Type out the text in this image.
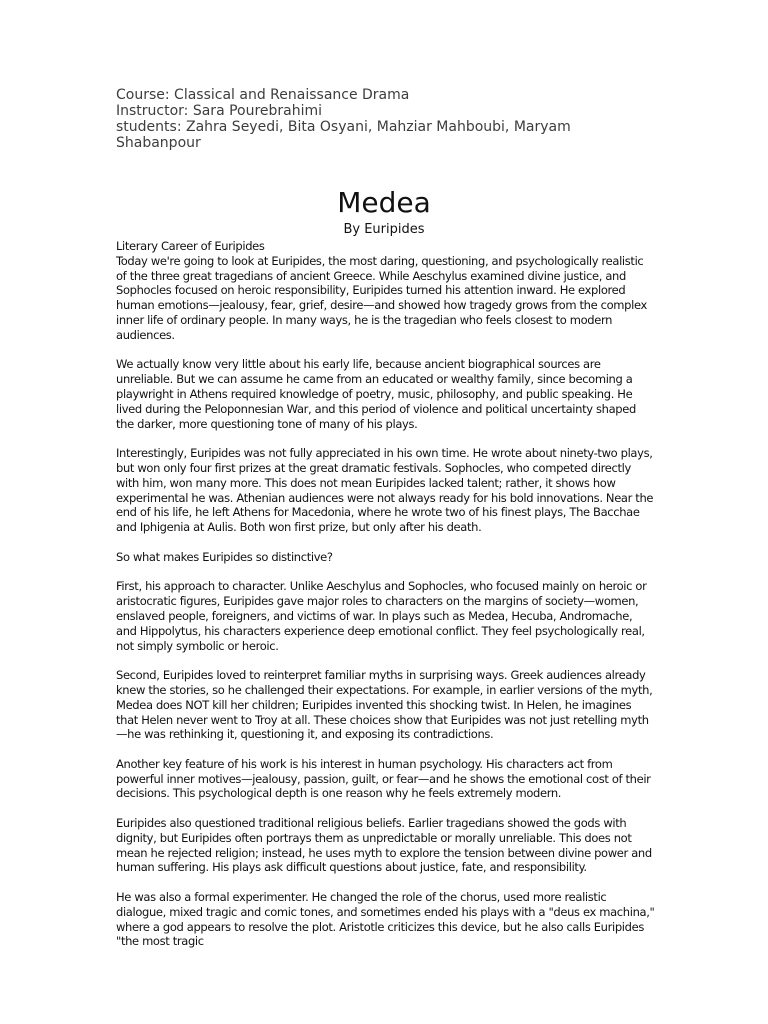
Course: Classical and Renaissance Drama
Instructor: Sara Pourebrahimi
students: Zahra Seyedi, Bita Osyani, Mahziar Mahboubi, Maryam Shabanpour
Medea
By Euripides

Literary Career of Euripides

Today we're going to look at Euripides, the most daring, questioning, and psychologically realistic of the three great tragedians of ancient Greece. While Aeschylus examined divine justice, and Sophocles focused on heroic responsibility, Euripides turned his attention inward. He explored human emotions—jealousy, fear, grief, desire—and showed how tragedy grows from the complex inner life of ordinary people. In many ways, he is the tragedian who feels closest to modern audiences.

We actually know very little about his early life, because ancient biographical sources are unreliable. But we can assume he came from an educated or wealthy family, since becoming a playwright in Athens required knowledge of poetry, music, philosophy, and public speaking. He lived during the Peloponnesian War, and this period of violence and political uncertainty shaped the darker, more questioning tone of many of his plays.

Interestingly, Euripides was not fully appreciated in his own time. He wrote about ninety-two plays, but won only four first prizes at the great dramatic festivals. Sophocles, who competed directly with him, won many more. This does not mean Euripides lacked talent; rather, it shows how experimental he was. Athenian audiences were not always ready for his bold innovations. Near the end of his life, he left Athens for Macedonia, where he wrote two of his finest plays, The Bacchae and Iphigenia at Aulis. Both won first prize, but only after his death.

So what makes Euripides so distinctive?

First, his approach to character. Unlike Aeschylus and Sophocles, who focused mainly on heroic or aristocratic figures, Euripides gave major roles to characters on the margins of society—women, enslaved people, foreigners, and victims of war. In plays such as Medea, Hecuba, Andromache, and Hippolytus, his characters experience deep emotional conflict. They feel psychologically real, not simply symbolic or heroic.

Second, Euripides loved to reinterpret familiar myths in surprising ways. Greek audiences already knew the stories, so he challenged their expectations. For example, in earlier versions of the myth, Medea does NOT kill her children; Euripides invented this shocking twist. In Helen, he imagines that Helen never went to Troy at all. These choices show that Euripides was not just retelling myth—he was rethinking it, questioning it, and exposing its contradictions.

Another key feature of his work is his interest in human psychology. His characters act from powerful inner motives—jealousy, passion, guilt, or fear—and he shows the emotional cost of their decisions. This psychological depth is one reason why he feels extremely modern.

Euripides also questioned traditional religious beliefs. Earlier tragedians showed the gods with dignity, but Euripides often portrays them as unpredictable or morally unreliable. This does not mean he rejected religion; instead, he uses myth to explore the tension between divine power and human suffering. His plays ask difficult questions about justice, fate, and responsibility.

He was also a formal experimenter. He changed the role of the chorus, used more realistic dialogue, mixed tragic and comic tones, and sometimes ended his plays with a "deus ex machina," where a god appears to resolve the plot. Aristotle criticizes this device, but he also calls Euripides "the most tragic
